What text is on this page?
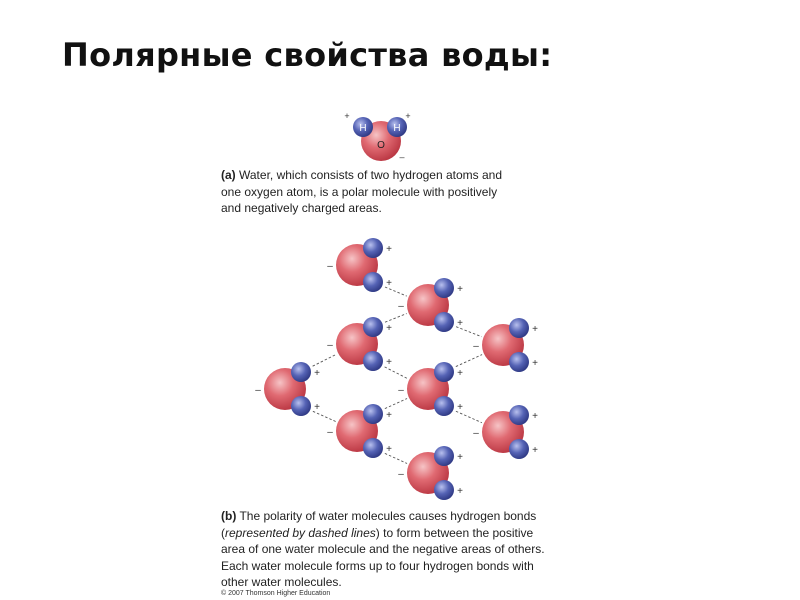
Полярные свойства воды:
H	H
O
+	+
–
+
+
–
+
+
–
+
+
–
+
+
–
+
+
–
+
+
–
+
+
–
+
+
–
+
+
–
(a) Water, which consists of two hydrogen atoms and
one oxygen atom, is a polar molecule with positively
and negatively charged areas.
(b) The polarity of water molecules causes hydrogen bonds
(represented by dashed lines) to form between the positive
area of one water molecule and the negative areas of others.
Each water molecule forms up to four hydrogen bonds with
other water molecules.
© 2007 Thomson Higher Education
